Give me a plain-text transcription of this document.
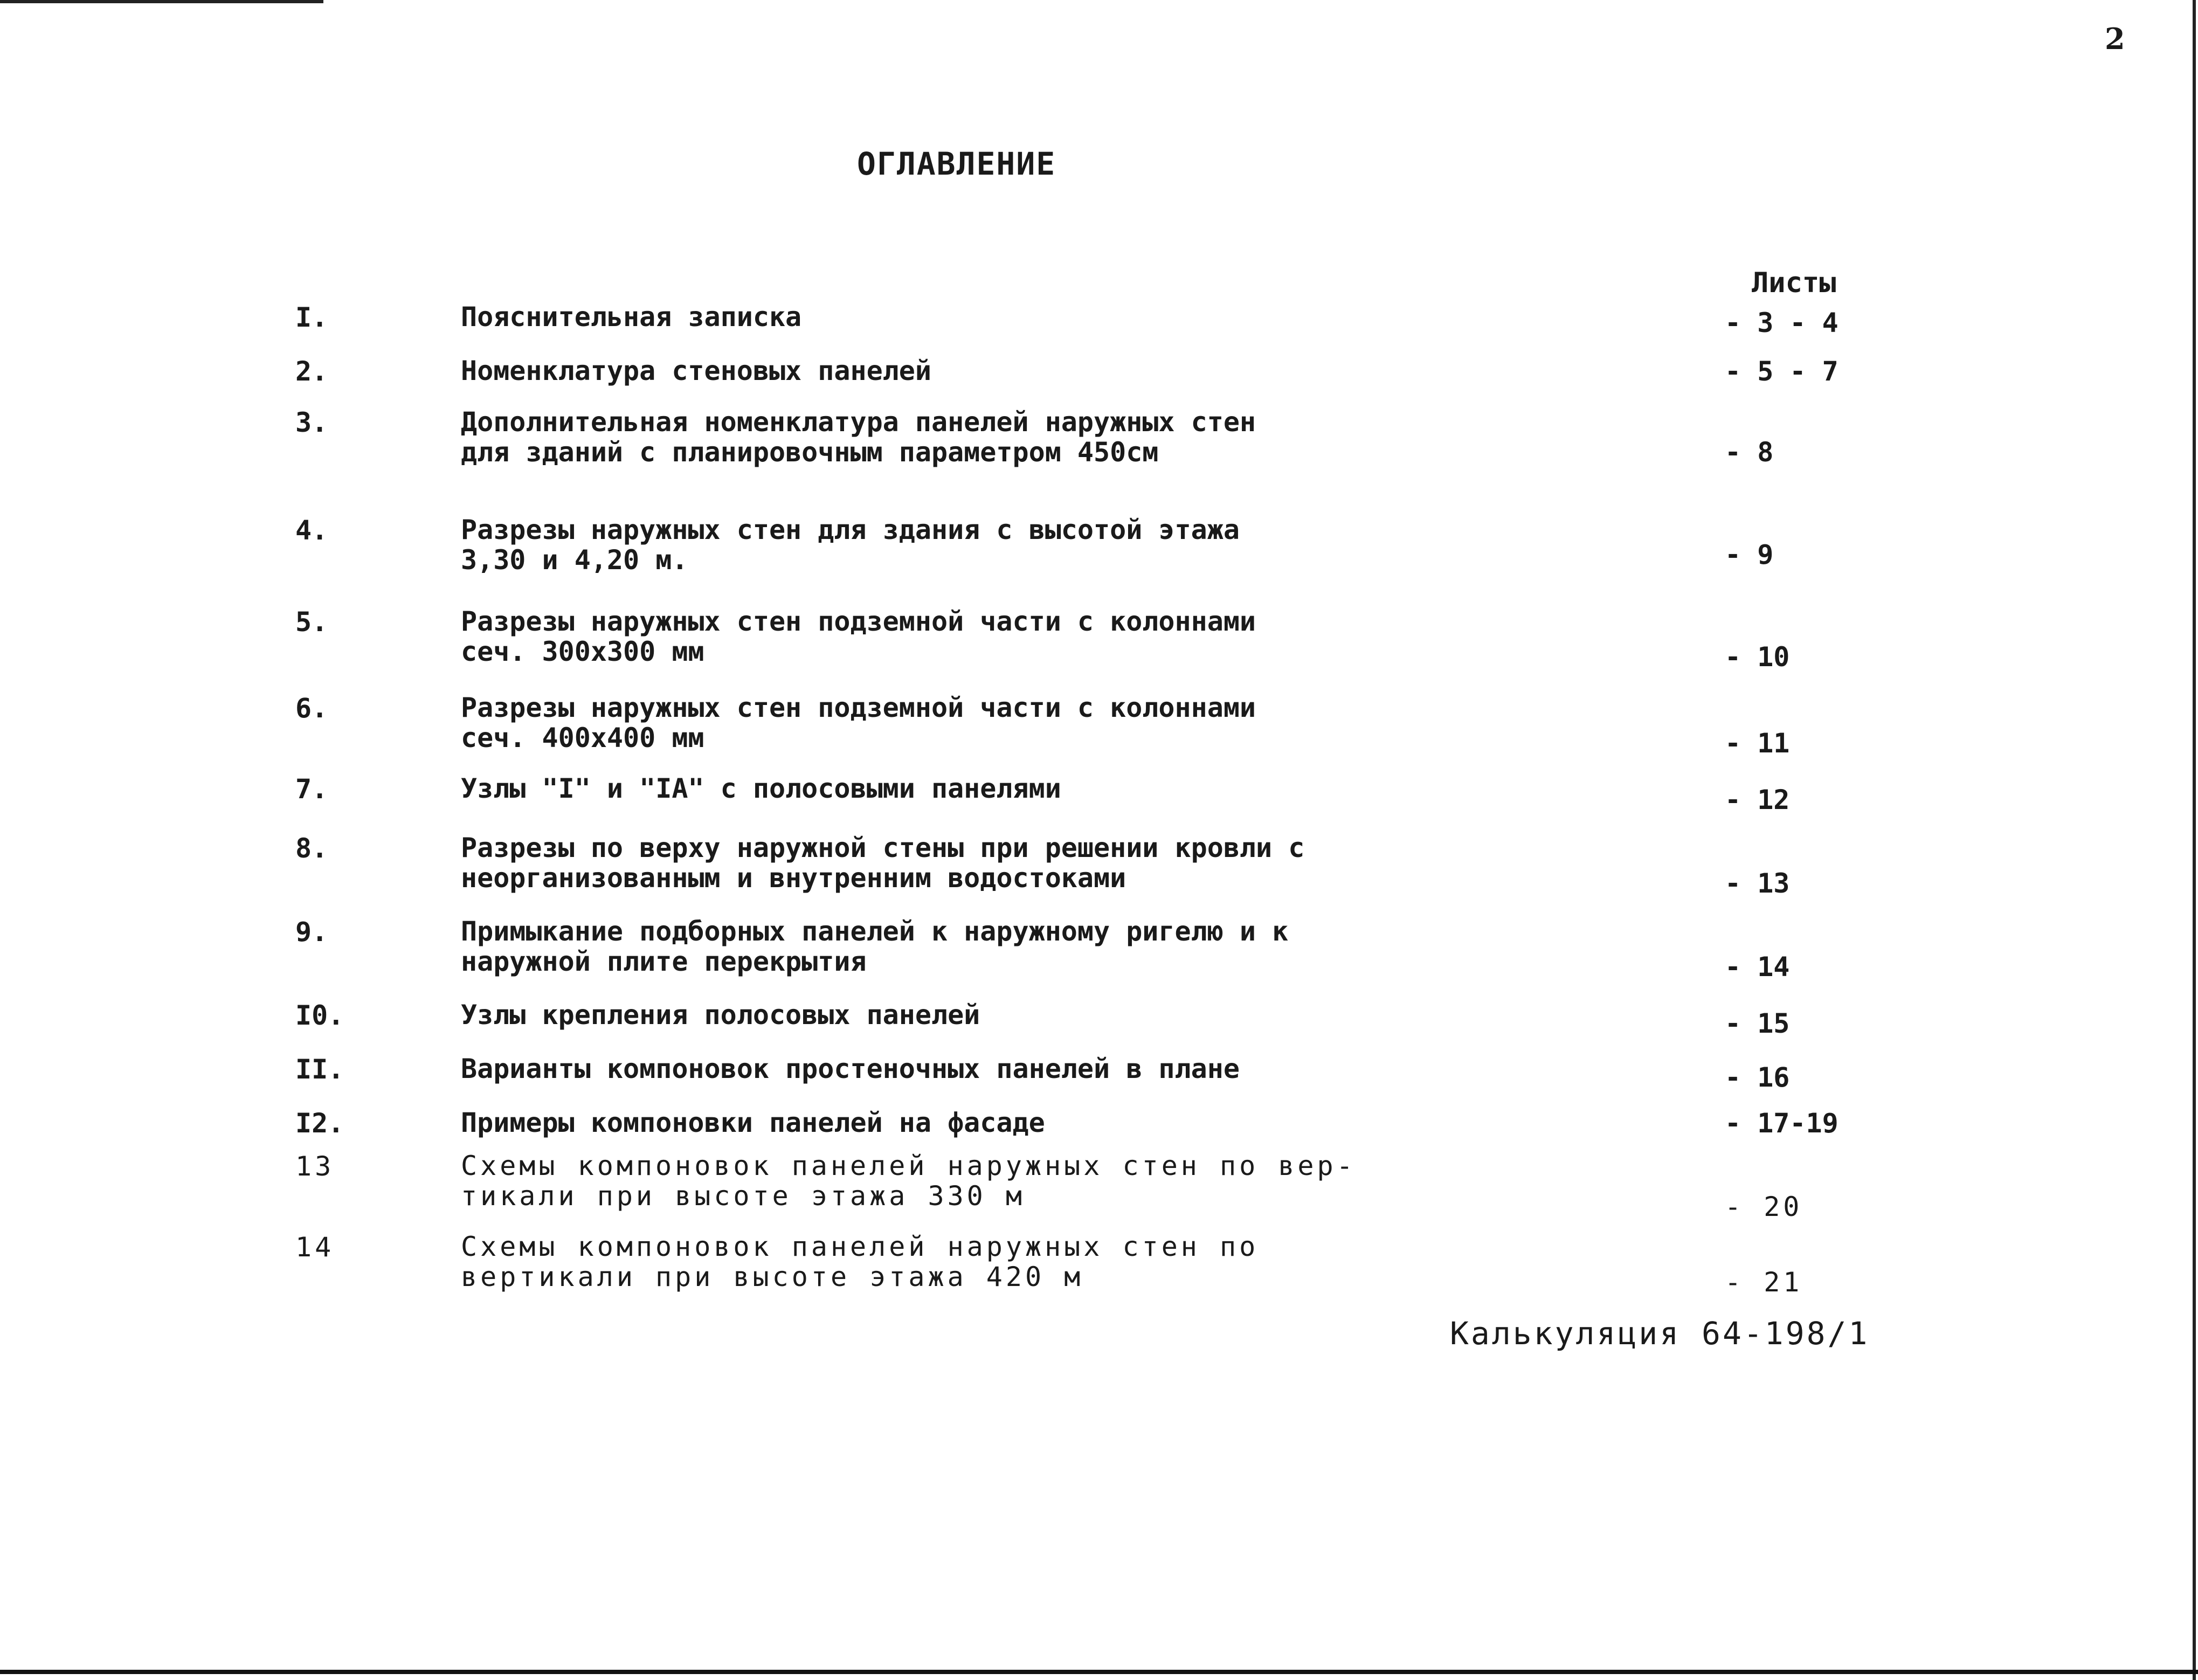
2
ОГЛАВЛЕНИЕ
Листы
I.	Пояснительная записка	- 3 - 4
2.	Номенклатура стеновых панелей	- 5 - 7
3.	Дополнительная номенклатура панелей наружных стен
для зданий с планировочным параметром 450см	- 8
4.	Разрезы наружных стен для здания с высотой этажа
3,30 и 4,20 м.	- 9
5.	Разрезы наружных стен подземной части с колоннами
сеч. 300х300 мм	- 10
6.	Разрезы наружных стен подземной части с колоннами
сеч. 400х400 мм	- 11
7.	Узлы "I" и "IA" с полосовыми панелями	- 12
8.	Разрезы по верху наружной стены при решении кровли с
неорганизованным и внутренним водостоками	- 13
9.	Примыкание подборных панелей к наружному ригелю и к
наружной плите перекрытия	- 14
I0.	Узлы крепления полосовых панелей	- 15
II.	Варианты компоновок простеночных панелей в плане	- 16
I2.	Примеры компоновки панелей на фасаде	- 17-19
13	Схемы компоновок панелей наружных стен по вер-
тикали при высоте этажа 330 м	- 20
14	Схемы компоновок панелей наружных стен по
вертикали при высоте этажа 420 м	- 21
Калькуляция 64-198/1
